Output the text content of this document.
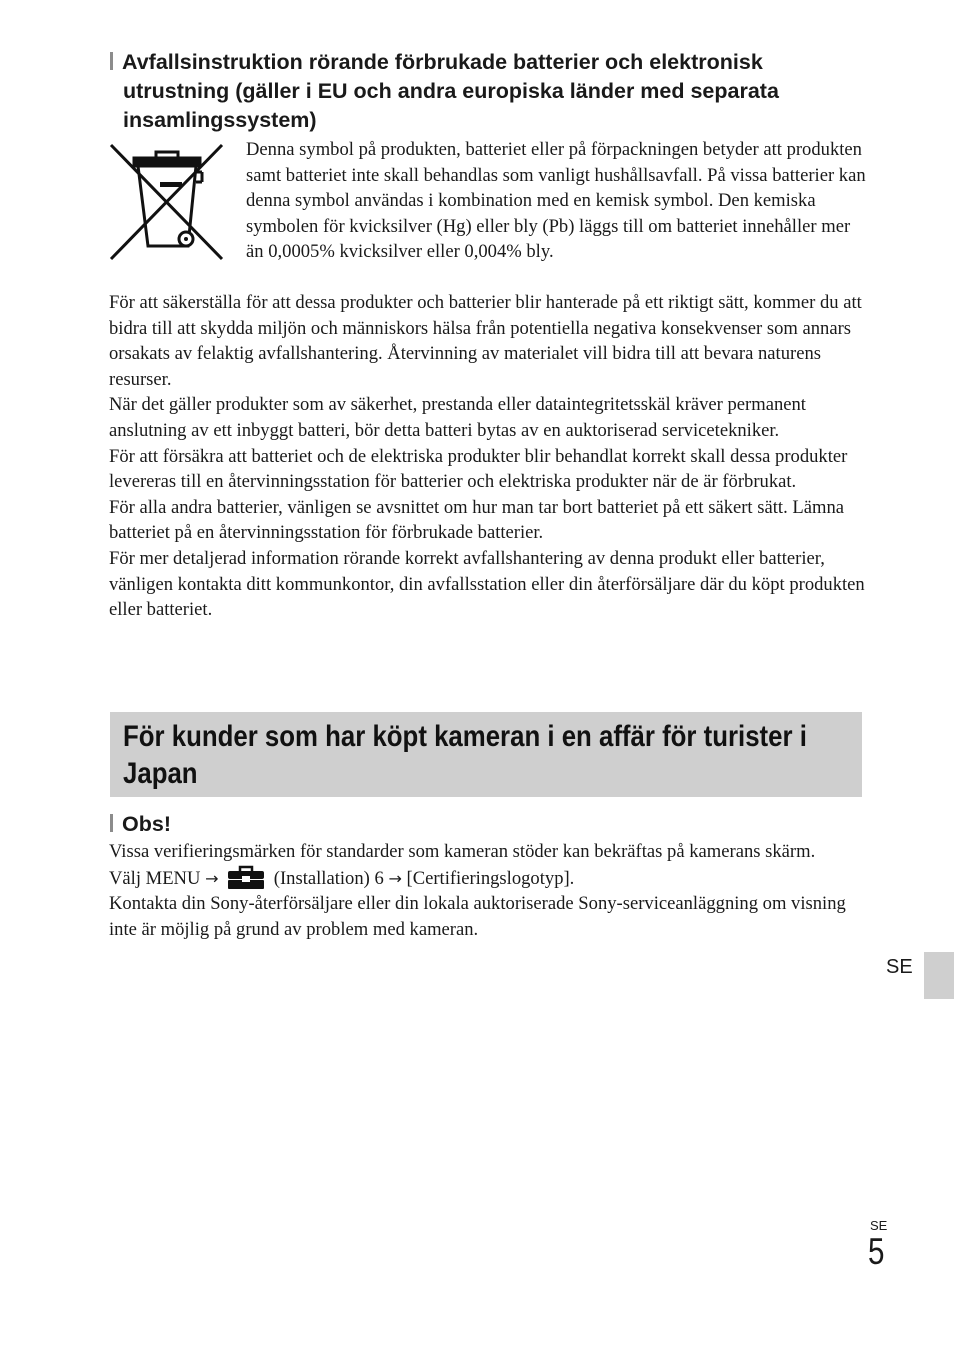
Avfallsinstruktion rörande förbrukade batterier och elektronisk
utrustning (gäller i EU och andra europiska länder med separata
insamlingssystem)
Denna symbol på produkten, batteriet eller på förpackningen betyder att produkten samt batteriet inte skall behandlas som vanligt hushållsavfall. På vissa batterier kan denna symbol användas i kombination med en kemisk symbol. Den kemiska symbolen för kvicksilver (Hg) eller bly (Pb) läggs till om batteriet innehåller mer än 0,0005% kvicksilver eller 0,004% bly.

För att säkerställa för att dessa produkter och batterier blir hanterade på ett riktigt sätt, kommer du att bidra till att skydda miljön och människors hälsa från potentiella negativa konsekvenser som annars orsakats av felaktig avfallshantering. Återvinning av materialet vill bidra till att bevara naturens resurser.

När det gäller produkter som av säkerhet, prestanda eller dataintegritetsskäl kräver permanent anslutning av ett inbyggt batteri, bör detta batteri bytas av en auktoriserad servicetekniker.

För att försäkra att batteriet och de elektriska produkter blir behandlat korrekt skall dessa produkter levereras till en återvinningsstation för batterier och elektriska produkter när de är förbrukat.

För alla andra batterier, vänligen se avsnittet om hur man tar bort batteriet på ett säkert sätt. Lämna batteriet på en återvinningsstation för förbrukade batterier.

För mer detaljerad information rörande korrekt avfallshantering av denna produkt eller batterier, vänligen kontakta ditt kommunkontor, din avfallsstation eller din återförsäljare där du köpt produkten eller batteriet.

För kunder som har köpt kameran i en affär för turister i
Japan
Obs!

Vissa verifieringsmärken för standarder som kameran stöder kan bekräftas på kamerans skärm.

Välj MENU →	(Installation) 6 → [Certifieringslogotyp].

Kontakta din Sony-återförsäljare eller din lokala auktoriserade Sony-serviceanläggning om visning inte är möjlig på grund av problem med kameran.

SE
SE
5
